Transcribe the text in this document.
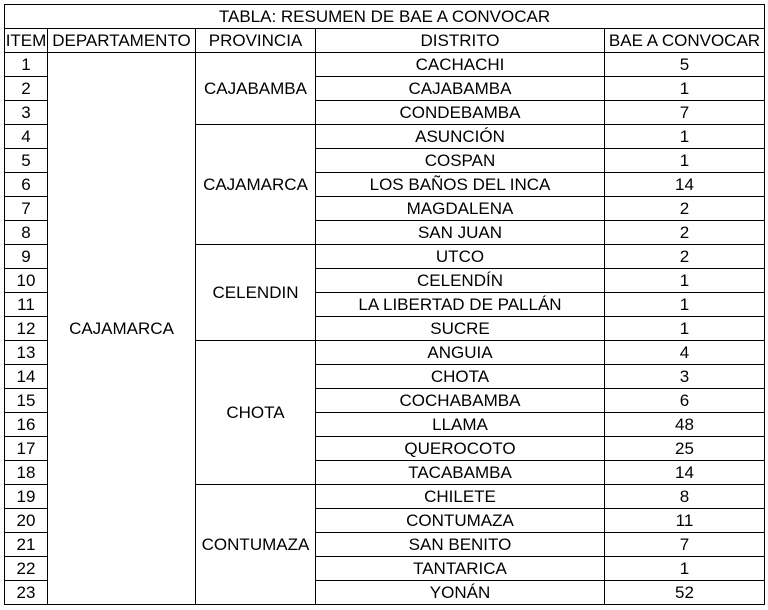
TABLA: RESUMEN DE BAE A CONVOCAR				
ITEM	DEPARTAMENTO	PROVINCIA	DISTRITO	BAE A CONVOCAR
1	CAJAMARCA	CAJABAMBA	CACHACHI	5
2			CAJABAMBA	1
3			CONDEBAMBA	7
4		CAJAMARCA	ASUNCIÓN	1
5			COSPAN	1
6			LOS BAÑOS DEL INCA	14
7			MAGDALENA	2
8			SAN JUAN	2
9		CELENDIN	UTCO	2
10			CELENDÍN	1
11			LA LIBERTAD DE PALLÁN	1
12			SUCRE	1
13		CHOTA	ANGUIA	4
14			CHOTA	3
15			COCHABAMBA	6
16			LLAMA	48
17			QUEROCOTO	25
18			TACABAMBA	14
19		CONTUMAZA	CHILETE	8
20			CONTUMAZA	11
21			SAN BENITO	7
22			TANTARICA	1
23			YONÁN	52
